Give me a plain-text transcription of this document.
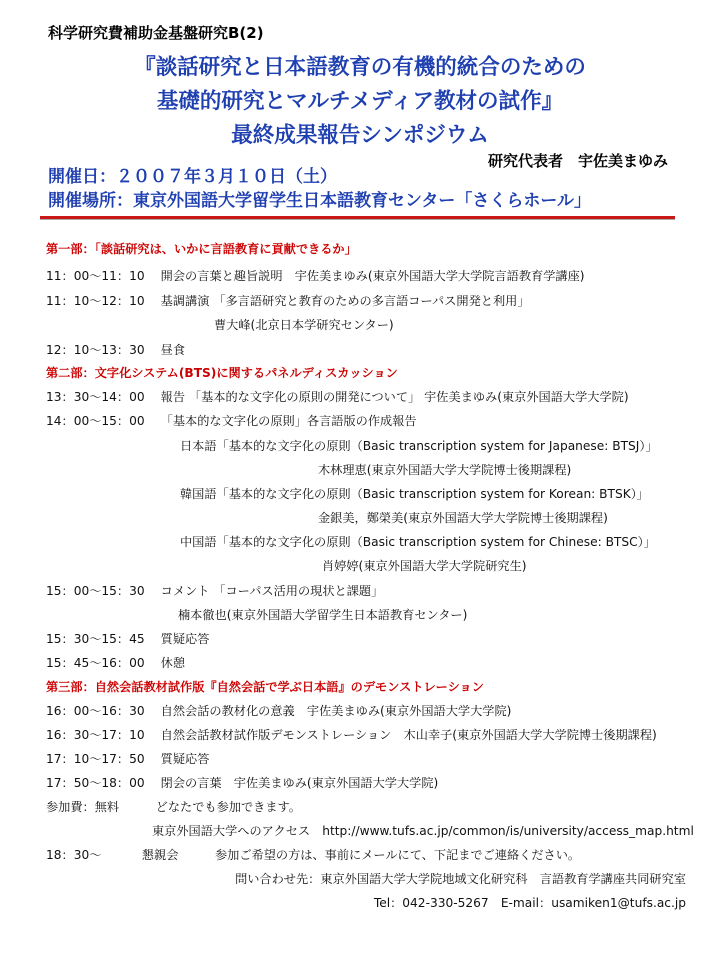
科学研究費補助金基盤研究B(2)
『談話研究と日本語教育の有機的統合のための
基礎的研究とマルチメディア教材の試作』
最終成果報告シンポジウム
研究代表者　宇佐美まゆみ
開催日：２００７年３月１０日（土）
開催場所：東京外国語大学留学生日本語教育センター「さくらホール」
第一部：「談話研究は、いかに言語教育に貢献できるか」
11：00～11：10　 開会の言葉と趣旨説明　宇佐美まゆみ(東京外国語大学大学院言語教育学講座)
11：10～12：10　 基調講演 「多言語研究と教育のための多言語コーパス開発と利用」
曹大峰(北京日本学研究センター)
12：10～13：30　 昼食
第二部：文字化システム(BTS)に関するパネルディスカッション
13：30～14：00　 報告 「基本的な文字化の原則の開発について」 宇佐美まゆみ(東京外国語大学大学院)
14：00～15：00　 「基本的な文字化の原則」各言語版の作成報告
日本語「基本的な文字化の原則（Basic transcription system for Japanese: BTSJ）」
木林理恵(東京外国語大学大学院博士後期課程)
韓国語「基本的な文字化の原則（Basic transcription system for Korean: BTSK）」
金銀美，鄭榮美(東京外国語大学大学院博士後期課程)
中国語「基本的な文字化の原則（Basic transcription system for Chinese: BTSC）」
肖婷婷(東京外国語大学大学院研究生)
15：00～15：30　 コメント 「コーパス活用の現状と課題」
楠本徹也(東京外国語大学留学生日本語教育センター)
15：30～15：45　 質疑応答
15：45～16：00　 休憩
第三部：自然会話教材試作版『自然会話で学ぶ日本語』のデモンストレーション
16：00～16：30　 自然会話の教材化の意義　宇佐美まゆみ(東京外国語大学大学院)
16：30～17：10　 自然会話教材試作版デモンストレーション　木山幸子(東京外国語大学大学院博士後期課程)
17：10～17：50　 質疑応答
17：50～18：00　 閉会の言葉　宇佐美まゆみ(東京外国語大学大学院)
参加費：無料　　　どなたでも参加できます。
東京外国語大学へのアクセス　http://www.tufs.ac.jp/common/is/university/access_map.html
18：30～　　　 懇親会　　　参加ご希望の方は、事前にメールにて、下記までご連絡ください。
問い合わせ先：東京外国語大学大学院地域文化研究科　言語教育学講座共同研究室
Tel：042-330-5267　E-mail：usamiken1@tufs.ac.jp
